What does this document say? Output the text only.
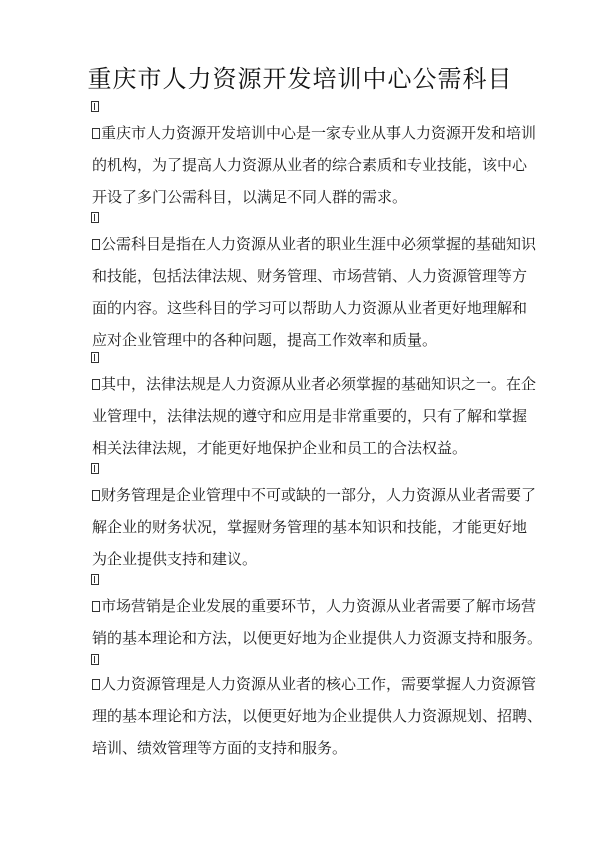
重庆市人力资源开发培训中心公需科目
重庆市人力资源开发培训中心是一家专业从事人力资源开发和培训
的机构，为了提高人力资源从业者的综合素质和专业技能，该中心
开设了多门公需科目，以满足不同人群的需求。
公需科目是指在人力资源从业者的职业生涯中必须掌握的基础知识
和技能，包括法律法规、财务管理、市场营销、人力资源管理等方
面的内容。这些科目的学习可以帮助人力资源从业者更好地理解和
应对企业管理中的各种问题，提高工作效率和质量。
其中，法律法规是人力资源从业者必须掌握的基础知识之一。在企
业管理中，法律法规的遵守和应用是非常重要的，只有了解和掌握
相关法律法规，才能更好地保护企业和员工的合法权益。
财务管理是企业管理中不可或缺的一部分，人力资源从业者需要了
解企业的财务状况，掌握财务管理的基本知识和技能，才能更好地
为企业提供支持和建议。
市场营销是企业发展的重要环节，人力资源从业者需要了解市场营
销的基本理论和方法，以便更好地为企业提供人力资源支持和服务。
人力资源管理是人力资源从业者的核心工作，需要掌握人力资源管
理的基本理论和方法，以便更好地为企业提供人力资源规划、招聘、
培训、绩效管理等方面的支持和服务。
